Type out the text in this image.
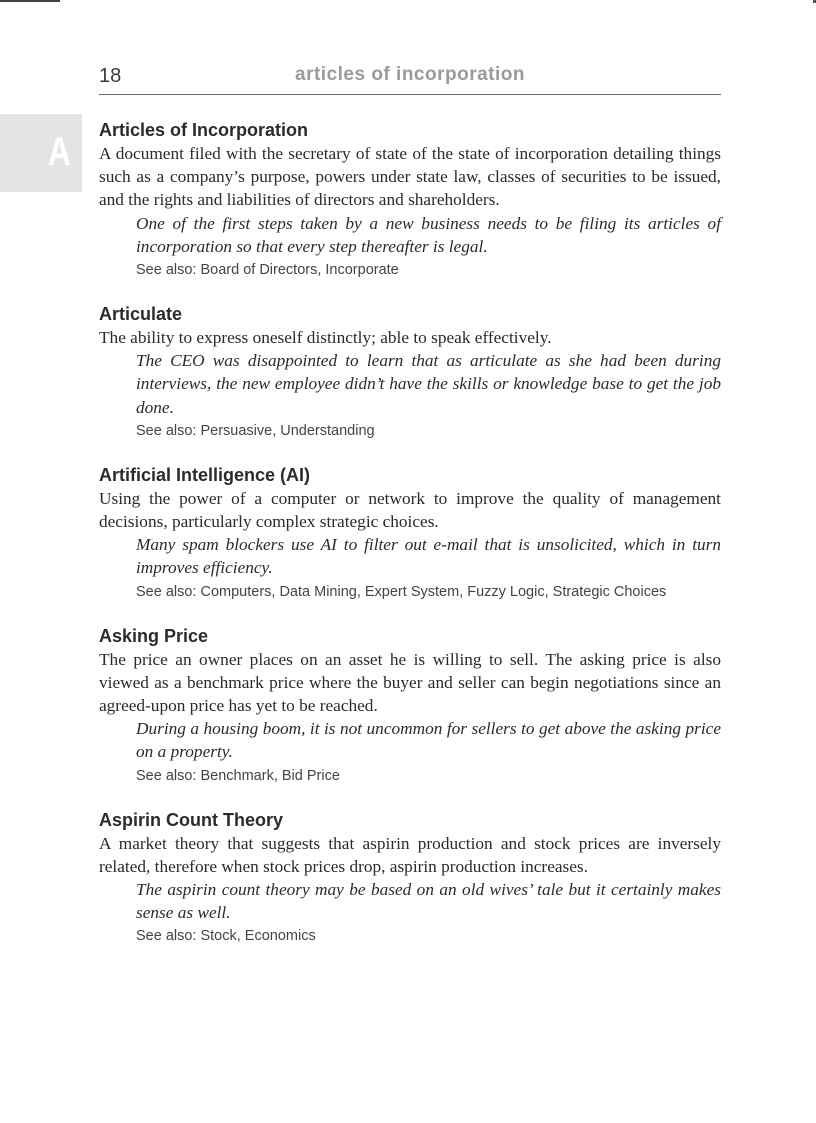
18	articles of incorporation
A Articles of Incorporation
A document filed with the secretary of state of the state of incorporation detailing things such as a company’s purpose, powers under state law, classes of securities to be issued, and the rights and liabilities of directors and shareholders.
One of the first steps taken by a new business needs to be filing its articles of incorporation so that every step thereafter is legal.
See also: Board of Directors, Incorporate
Articulate
The ability to express oneself distinctly; able to speak effectively.
The CEO was disappointed to learn that as articulate as she had been during interviews, the new employee didn’t have the skills or knowledge base to get the job done.
See also: Persuasive, Understanding
Artificial Intelligence (AI)
Using the power of a computer or network to improve the quality of management decisions, particularly complex strategic choices.
Many spam blockers use AI to filter out e-mail that is unsolicited, which in turn improves efficiency.
See also: Computers, Data Mining, Expert System, Fuzzy Logic, Strategic Choices
Asking Price
The price an owner places on an asset he is willing to sell. The asking price is also viewed as a benchmark price where the buyer and seller can begin negotiations since an agreed-upon price has yet to be reached.
During a housing boom, it is not uncommon for sellers to get above the asking price on a property.
See also: Benchmark, Bid Price
Aspirin Count Theory
A market theory that suggests that aspirin production and stock prices are inversely related, therefore when stock prices drop, aspirin production increases.
The aspirin count theory may be based on an old wives’ tale but it certainly makes sense as well.
See also: Stock, Economics
